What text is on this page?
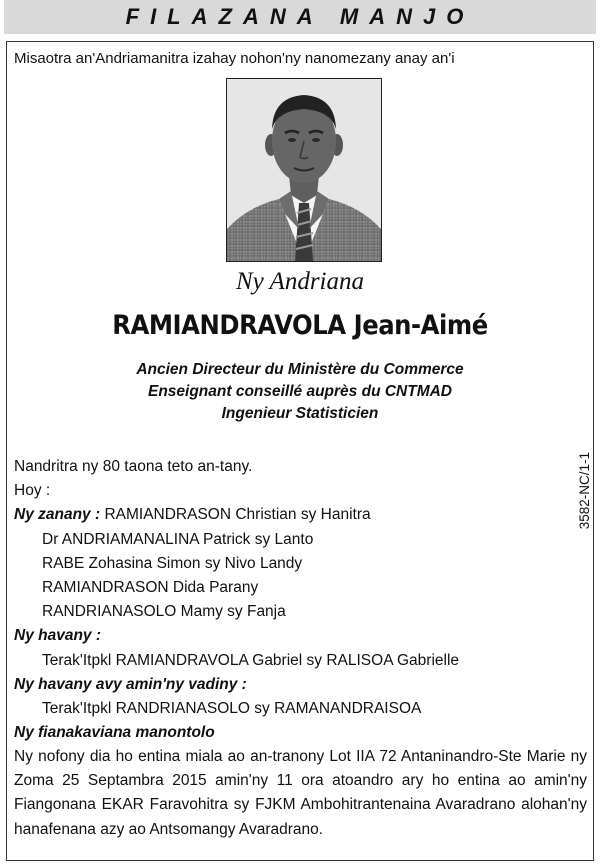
FILAZANA MANJO
Misaotra an'Andriamanitra izahay nohon'ny nanomezany anay an'i
Ny Andriana
RAMIANDRAVOLA Jean-Aimé
Ancien Directeur du Ministère du Commerce
Enseignant conseillé auprès du CNTMAD
Ingenieur Statisticien
3582-NC/1-1
Nandritra ny 80 taona teto an-tany.
Hoy :
Ny zanany : RAMIANDRASON Christian sy Hanitra
Dr ANDRIAMANALINA Patrick sy Lanto
RABE Zohasina Simon sy Nivo Landy
RAMIANDRASON Dida Parany
RANDRIANASOLO Mamy sy Fanja
Ny havany :
Terak'Itpkl RAMIANDRAVOLA Gabriel sy RALISOA Gabrielle
Ny havany avy amin'ny vadiny :
Terak'Itpkl RANDRIANASOLO sy RAMANANDRAISOA
Ny fianakaviana manontolo
Ny nofony dia ho entina miala ao an-tranony Lot IIA 72 Antaninandro-Ste Marie ny Zoma 25 Septambra 2015 amin'ny 11 ora atoandro ary ho entina ao amin'ny Fiangonana EKAR Faravohitra sy FJKM Ambohitrantenaina Avaradrano alohan'ny hanafenana azy ao Antsomangy Avaradrano.
